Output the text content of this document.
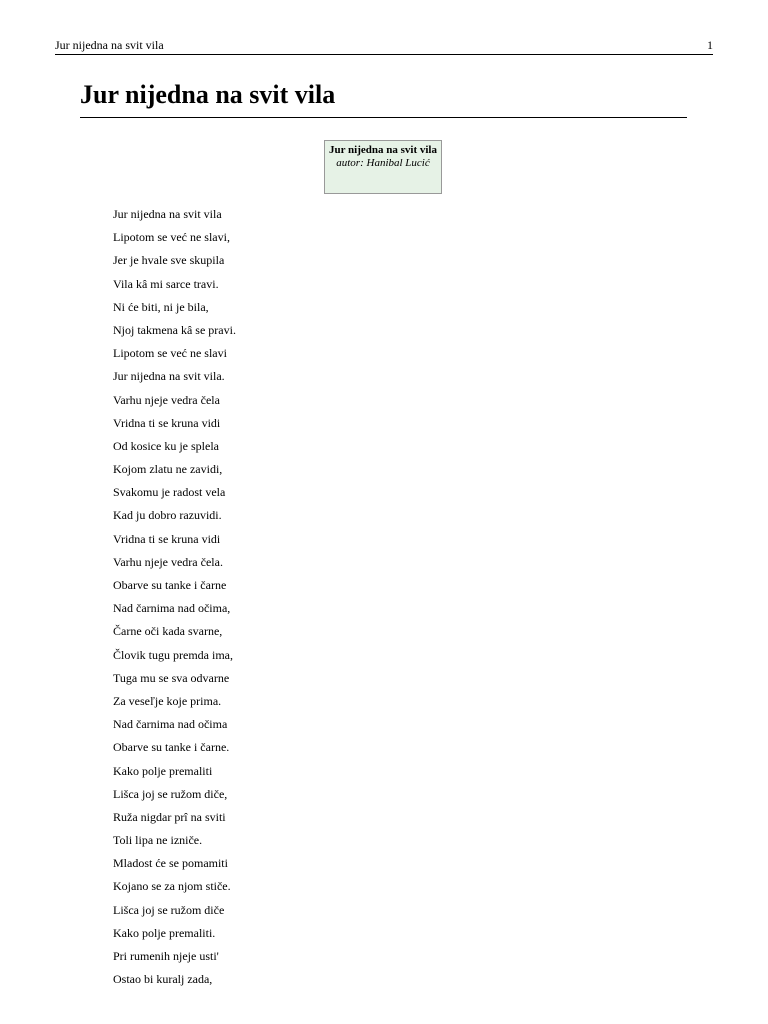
Jur nijedna na svit vila	1
Jur nijedna na svit vila
Jur nijedna na svit vila
autor: Hanibal Lucić
Jur nijedna na svit vila
Lipotom se već ne slavi,
Jer je hvale sve skupila
Vila kâ mi sarce travi.
Ni će biti, ni je bila,
Njoj takmena kâ se pravi.
Lipotom se već ne slavi
Jur nijedna na svit vila.
Varhu njeje vedra čela
Vridna ti se kruna vidi
Od kosice ku je splela
Kojom zlatu ne zavidi,
Svakomu je radost vela
Kad ju dobro razuvidi.
Vridna ti se kruna vidi
Varhu njeje vedra čela.
Obarve su tanke i čarne
Nad čarnima nad očima,
Čarne oči kada svarne,
Človik tugu premda ima,
Tuga mu se sva odvarne
Za veseľje koje prima.
Nad čarnima nad očima
Obarve su tanke i čarne.
Kako polje premaliti
Lišca joj se ružom diče,
Ruža nigdar prî na sviti
Toli lipa ne izniče.
Mladost će se pomamiti
Kojano se za njom stiče.
Lišca joj se ružom diče
Kako polje premaliti.
Pri rumenih njeje usti'
Ostao bi kuralj zada,
